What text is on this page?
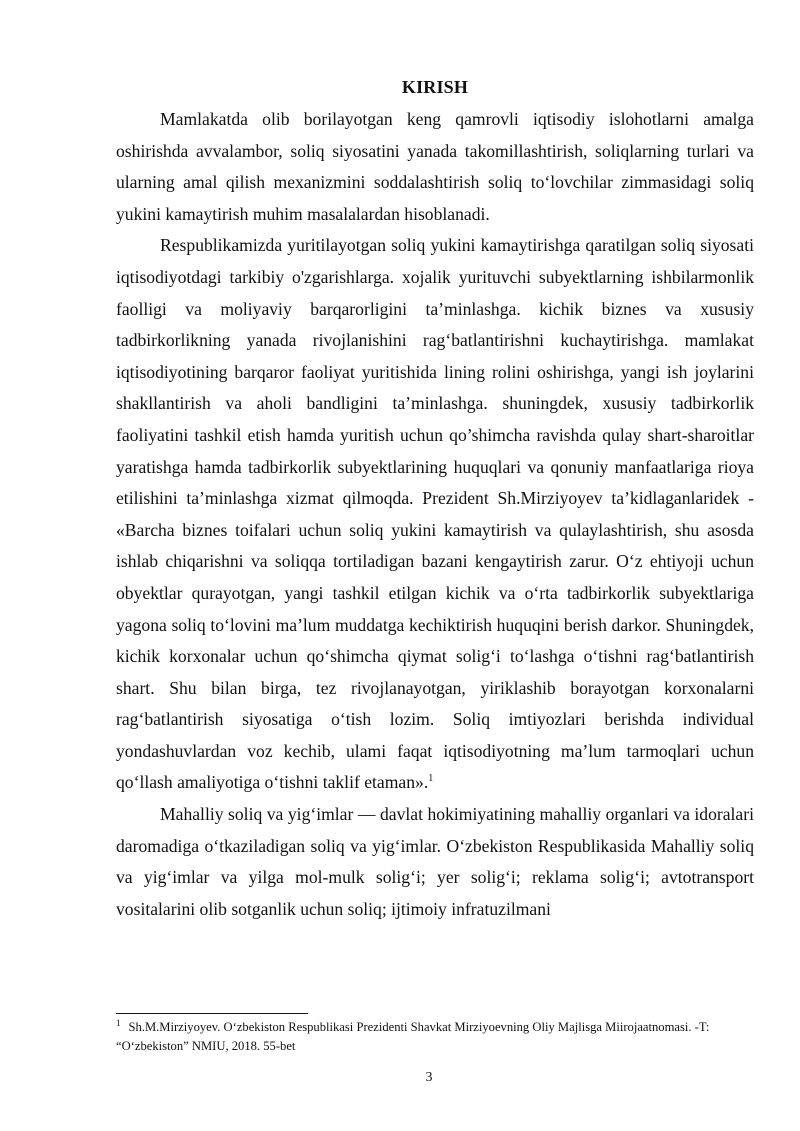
KIRISH

Mamlakatda olib borilayotgan keng qamrovli iqtisodiy islohotlarni amalga oshirishda avvalambor, soliq siyosatini yanada takomillashtirish, soliqlarning turlari va ularning amal qilish mexanizmini soddalashtirish soliq to‘lovchilar zimmasidagi soliq yukini kamaytirish muhim masalalardan hisoblanadi.

Respublikamizda yuritilayotgan soliq yukini kamaytirishga qaratilgan soliq siyosati iqtisodiyotdagi tarkibiy o'zgarishlarga. xojalik yurituvchi subyektlarning ishbilarmonlik faolligi va moliyaviy barqarorligini ta’minlashga. kichik biznes va xususiy tadbirkorlikning yanada rivojlanishini rag‘batlantirishni kuchaytirishga. mamlakat iqtisodiyotining barqaror faoliyat yuritishida lining rolini oshirishga, yangi ish joylarini shakllantirish va aholi bandligini ta’minlashga. shuningdek, xususiy tadbirkorlik faoliyatini tashkil etish hamda yuritish uchun qo’shimcha ravishda qulay shart-sharoitlar yaratishga hamda tadbirkorlik subyektlarining huquqlari va qonuniy manfaatlariga rioya etilishini ta’minlashga xizmat qilmoqda. Prezident Sh.Mirziyoyev ta’kidlaganlaridek - «Barcha biznes toifalari uchun soliq yukini kamaytirish va qulaylashtirish, shu asosda ishlab chiqarishni va soliqqa tortiladigan bazani kengaytirish zarur. O‘z ehtiyoji uchun obyektlar qurayotgan, yangi tashkil etilgan kichik va o‘rta tadbirkorlik subyektlariga yagona soliq to‘lovini ma’lum muddatga kechiktirish huquqini berish darkor. Shuningdek, kichik korxonalar uchun qo‘shimcha qiymat solig‘i to‘lashga o‘tishni rag‘batlantirish shart. Shu bilan birga, tez rivojlanayotgan, yiriklashib borayotgan korxonalarni rag‘batlantirish siyosatiga o‘tish lozim. Soliq imtiyozlari berishda individual yondashuvlardan voz kechib, ulami faqat iqtisodiyotning ma’lum tarmoqlari uchun qo‘llash amaliyotiga o‘tishni taklif etaman».$^1$

Mahalliy soliq va yig‘imlar — davlat hokimiyatining mahalliy organlari va idoralari daromadiga o‘tkaziladigan soliq va yig‘imlar. O‘zbekiston Respublikasida Mahalliy soliq va yig‘imlar va yilga mol-mulk solig‘i; yer solig‘i; reklama solig‘i; avtotransport vositalarini olib sotganlik uchun soliq; ijtimoiy infratuzilmani

$^1$ Sh.M.Mirziyoyev. O‘zbekiston Respublikasi Prezidenti Shavkat Mirziyoevning Oliy Majlisga Miirojaatnomasi. -T: “O‘zbekiston” NMIU, 2018. 55-bet
3
